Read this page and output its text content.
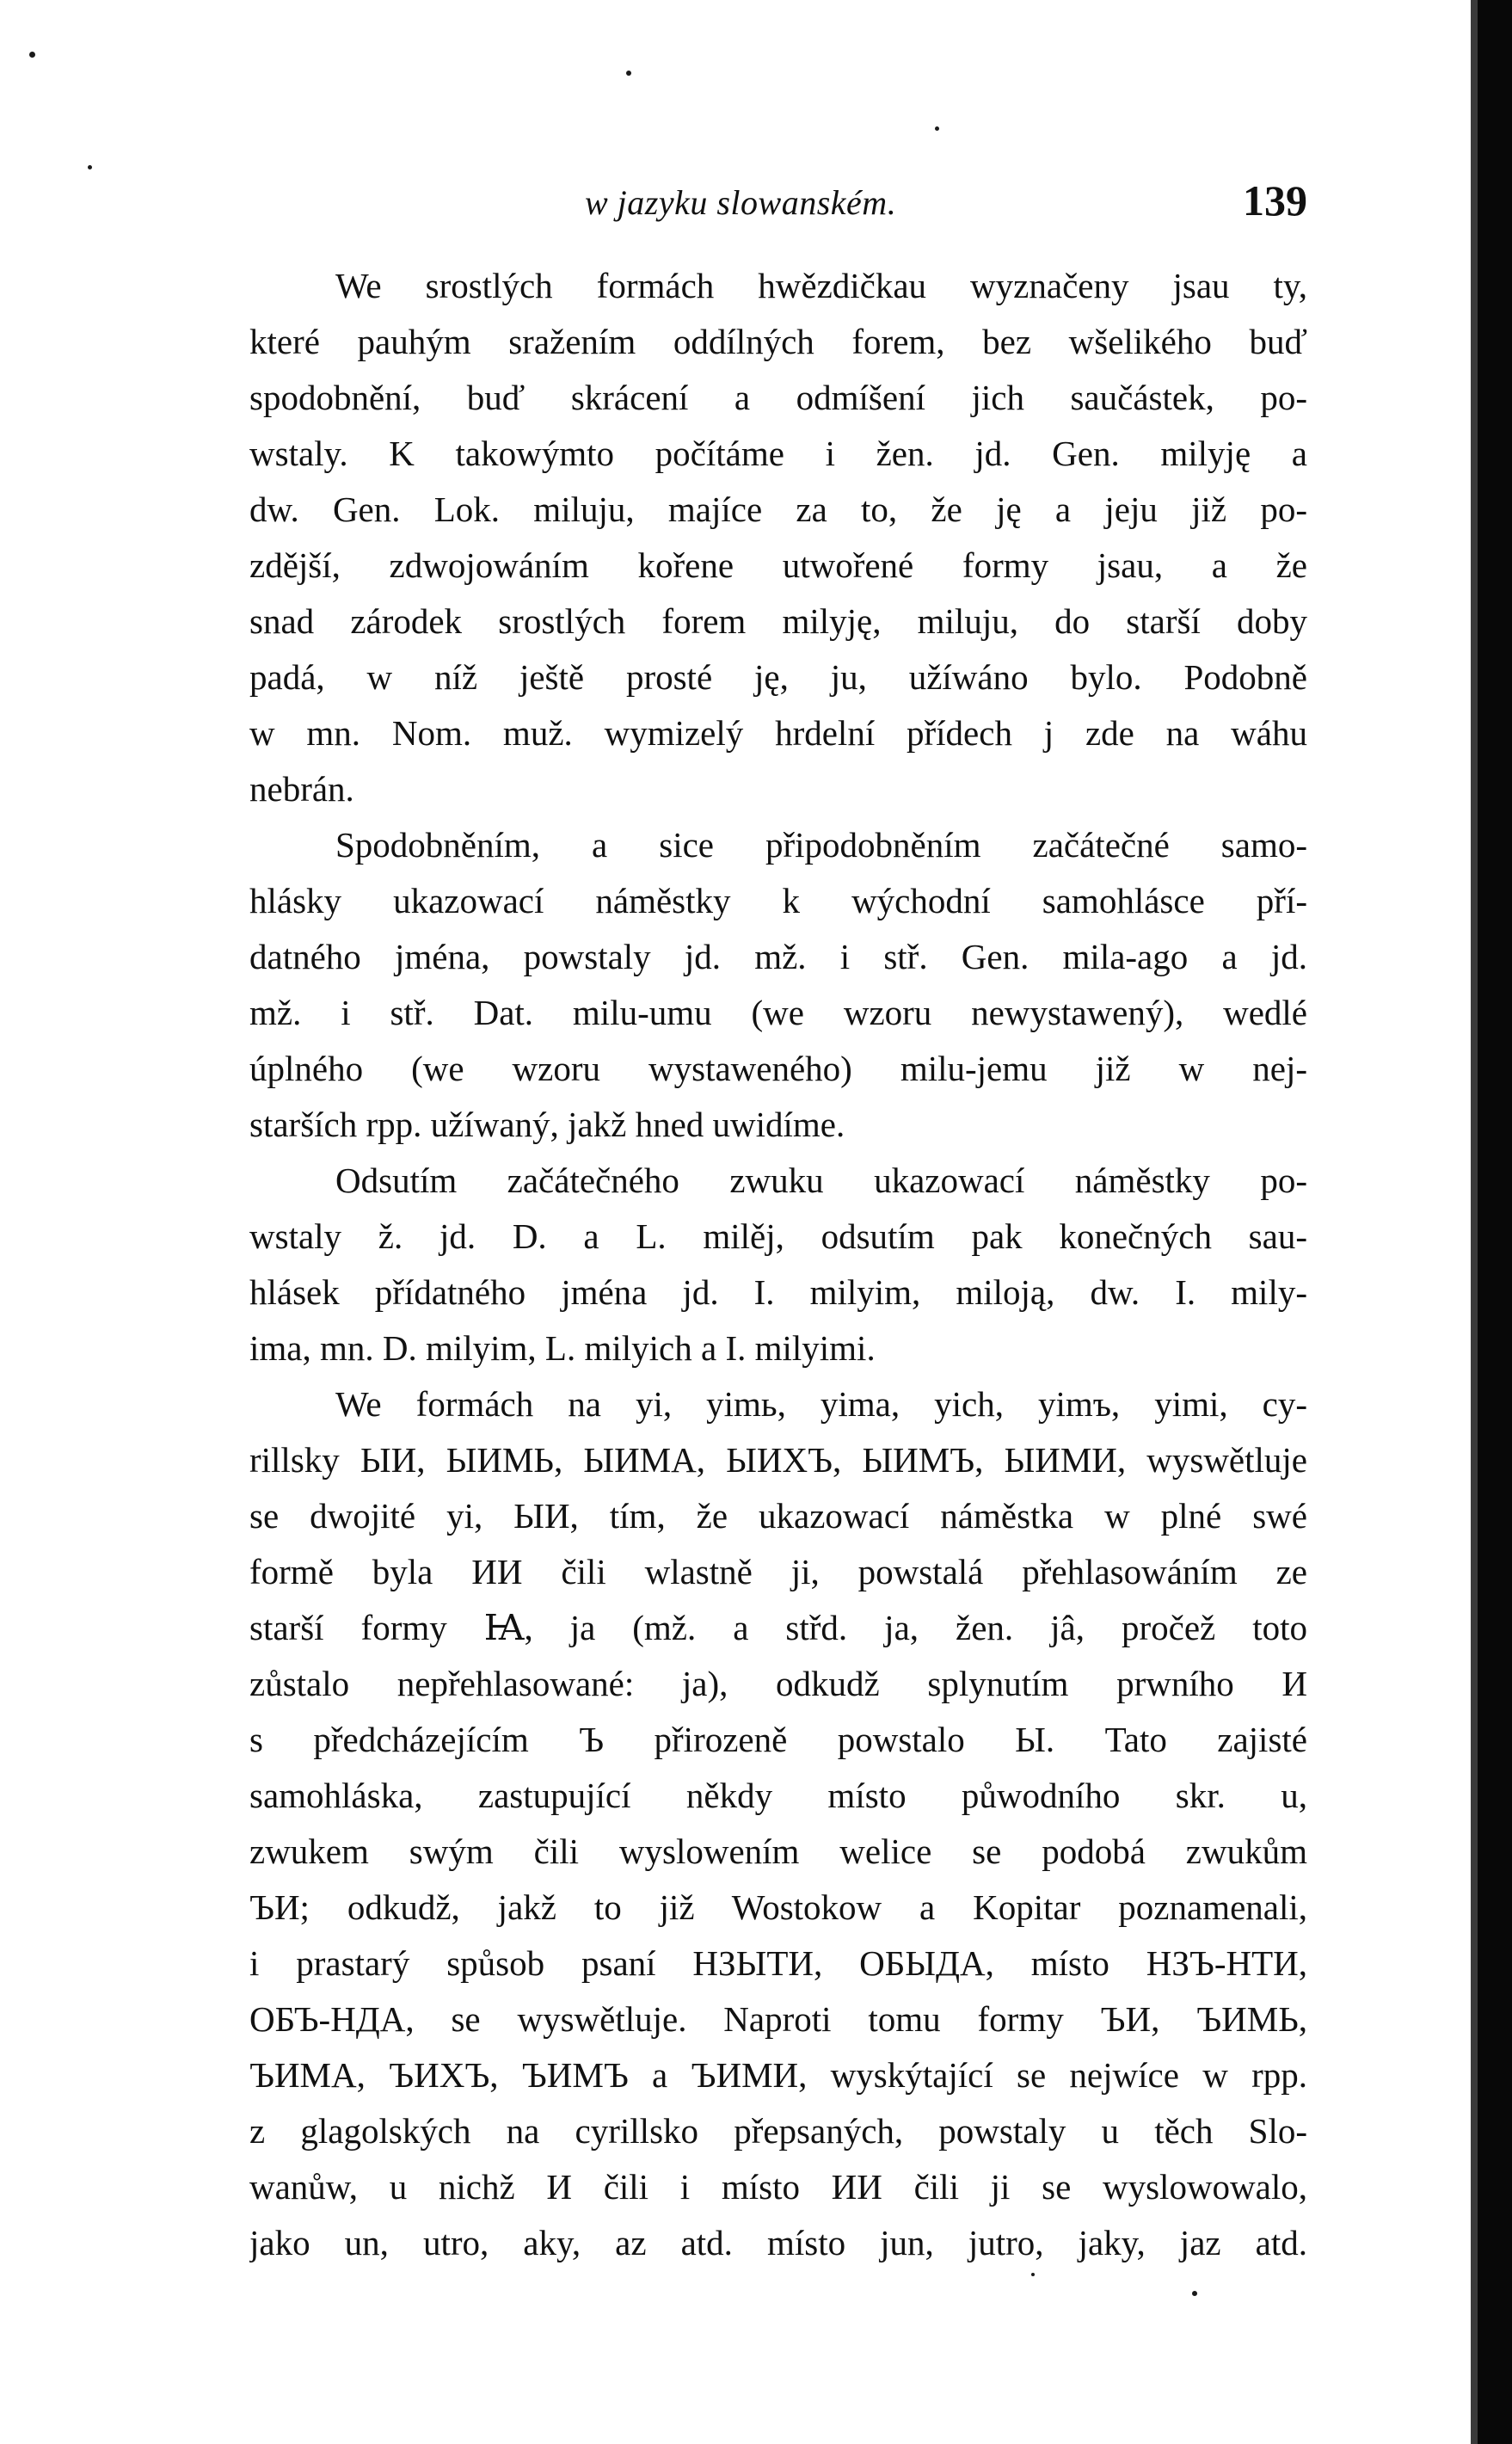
w jazyku slowanském.	139
We srostlých formách hwězdičkau wyznačeny jsau ty,
které pauhým sražením oddílných forem, bez wšelikého buď
spodobnění, buď skrácení a odmíšení jich saučástek, po-
wstaly. K takowýmto počítáme i žen. jd. Gen. milyję a
dw. Gen. Lok. miluju, majíce za to, že ję a jeju již po-
zdější, zdwojowáním kořene utwořené formy jsau, a že
snad zárodek srostlých forem milyję, miluju, do starší doby
padá, w níž ještě prosté ję, ju, užíwáno bylo. Podobně
w mn. Nom. muž. wymizelý hrdelní přídech j zde na wáhu
nebrán.
Spodobněním, a sice připodobněním začátečné samo-
hlásky ukazowací náměstky k wýchodní samohlásce pří-
datného jména, powstaly jd. mž. i stř. Gen. mila-ago a jd.
mž. i stř. Dat. milu-umu (we wzoru newystawený), wedlé
úplného (we wzoru wystaweného) milu-jemu již w nej-
starších rpp. užíwaný, jakž hned uwidíme.
Odsutím začátečného zwuku ukazowací náměstky po-
wstaly ž. jd. D. a L. milěj, odsutím pak konečných sau-
hlásek přídatného jména jd. I. milyim, miloją, dw. I. mily-
ima, mn. D. milyim, L. milyich a I. milyimi.
We formách na yi, yimь, yima, yich, yimъ, yimi, cy-
rillsky ЫИ, ЫИМЬ, ЫИМА, ЫИХЪ, ЫИМЪ, ЫИМИ, wyswětluje
se dwojité yi, ЫИ, tím, že ukazowací náměstka w plné swé
formě byla ИИ čili wlastně ji, powstalá přehlasowáním ze
starší formy Ꙗ, ja (mž. a střd. ja, žen. jâ, pročež toto
zůstalo nepřehlasowané: ja), odkudž splynutím prwního И
s předcházejícím Ъ přirozeně powstalo Ы. Tato zajisté
samohláska, zastupující někdy místo půwodního skr. u,
zwukem swým čili wyslowením welice se podobá zwukům
ЪИ; odkudž, jakž to již Wostokow a Kopitar poznamenali,
i prastarý spůsob psaní НЗЫТИ, ОБЫДА, místo НЗЪ-НТИ,
ОБЪ-НДА, se wyswětluje. Naproti tomu formy ЪИ, ЪИМЬ,
ЪИМА, ЪИХЪ, ЪИМЪ a ЪИМИ, wyskýtající se nejwíce w rpp.
z glagolských na cyrillsko přepsaných, powstaly u těch Slo-
wanůw, u nichž И čili i místo ИИ čili ji se wyslowowalo,
jako un, utro, aky, az atd. místo jun, jutro, jaky, jaz atd.
